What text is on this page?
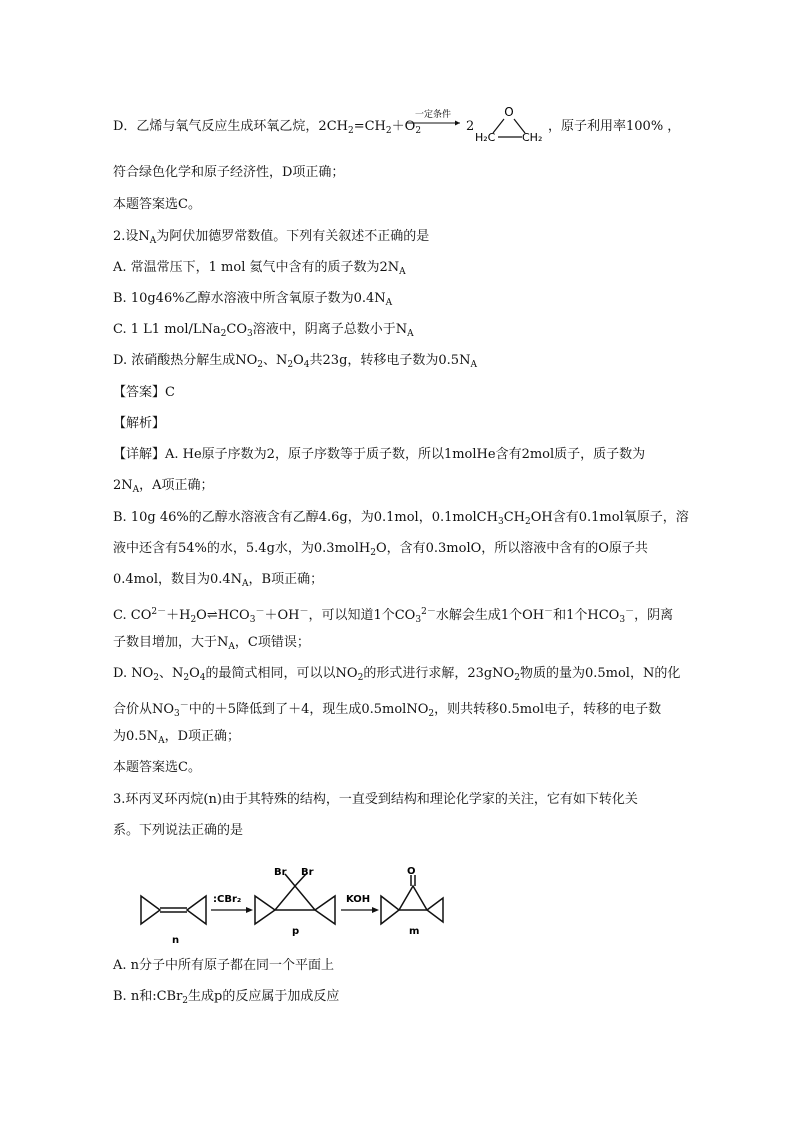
D．乙烯与氧气反应生成环氧乙烷，$2CH_2=CH_2+O_2$
一定条件
2
O
H₂C CH₂
，原子利用率100% ，
符合绿色化学和原子经济性，D项正确；
本题答案选C。
2.设$N_A$为阿伏加德罗常数值。下列有关叙述不正确的是
A. 常温常压下，1 mol 氦气中含有的质子数为$2N_A$
B. 10g46%乙醇水溶液中所含氧原子数为$0.4N_A$
C. 1 L1 mol/$LNa_2CO_3$溶液中，阴离子总数小于$N_A$
D. 浓硝酸热分解生成$NO_2$、$N_2O_4$共23g，转移电子数为$0.5N_A$
【答案】C
【解析】
【详解】A. He原子序数为2，原子序数等于质子数，所以1molHe含有2mol质子，质子数为
$2N_A$，A项正确；
B. 10g 46%的乙醇水溶液含有乙醇4.6g，为0.1mol，$0.1molCH_3CH_2OH$含有0.1mol氧原子，溶
液中还含有54%的水，5.4g水，为0.3molH$_2$O，含有0.3molO，所以溶液中含有的O原子共
0.4mol，数目为$0.4N_A$，B项正确；
C. $CO^{2-}+H_2O\rightleftharpoons HCO_3^-+OH^-$，可以知道1个$CO_3^{2-}$水解会生成1个OH－和1个$HCO_3^-$，阴离
子数目增加，大于$N_A$，C项错误；
D. $NO_2$、$N_2O_4$的最简式相同，可以以$NO_2$的形式进行求解，23gNO$_2$物质的量为0.5mol，N的化
合价从$NO_3^-$中的＋5降低到了＋4，现生成0.5molNO$_2$，则共转移0.5mol电子，转移的电子数
为$0.5N_A$，D项正确；
本题答案选C。
3.环丙叉环丙烷(n)由于其特殊的结构，一直受到结构和理论化学家的关注，它有如下转化关
系。下列说法正确的是
n
:CBr₂
Br Br
p
KOH
O
m
A. n分子中所有原子都在同一个平面上
B. n和:CBr$_2$生成p的反应属于加成反应
